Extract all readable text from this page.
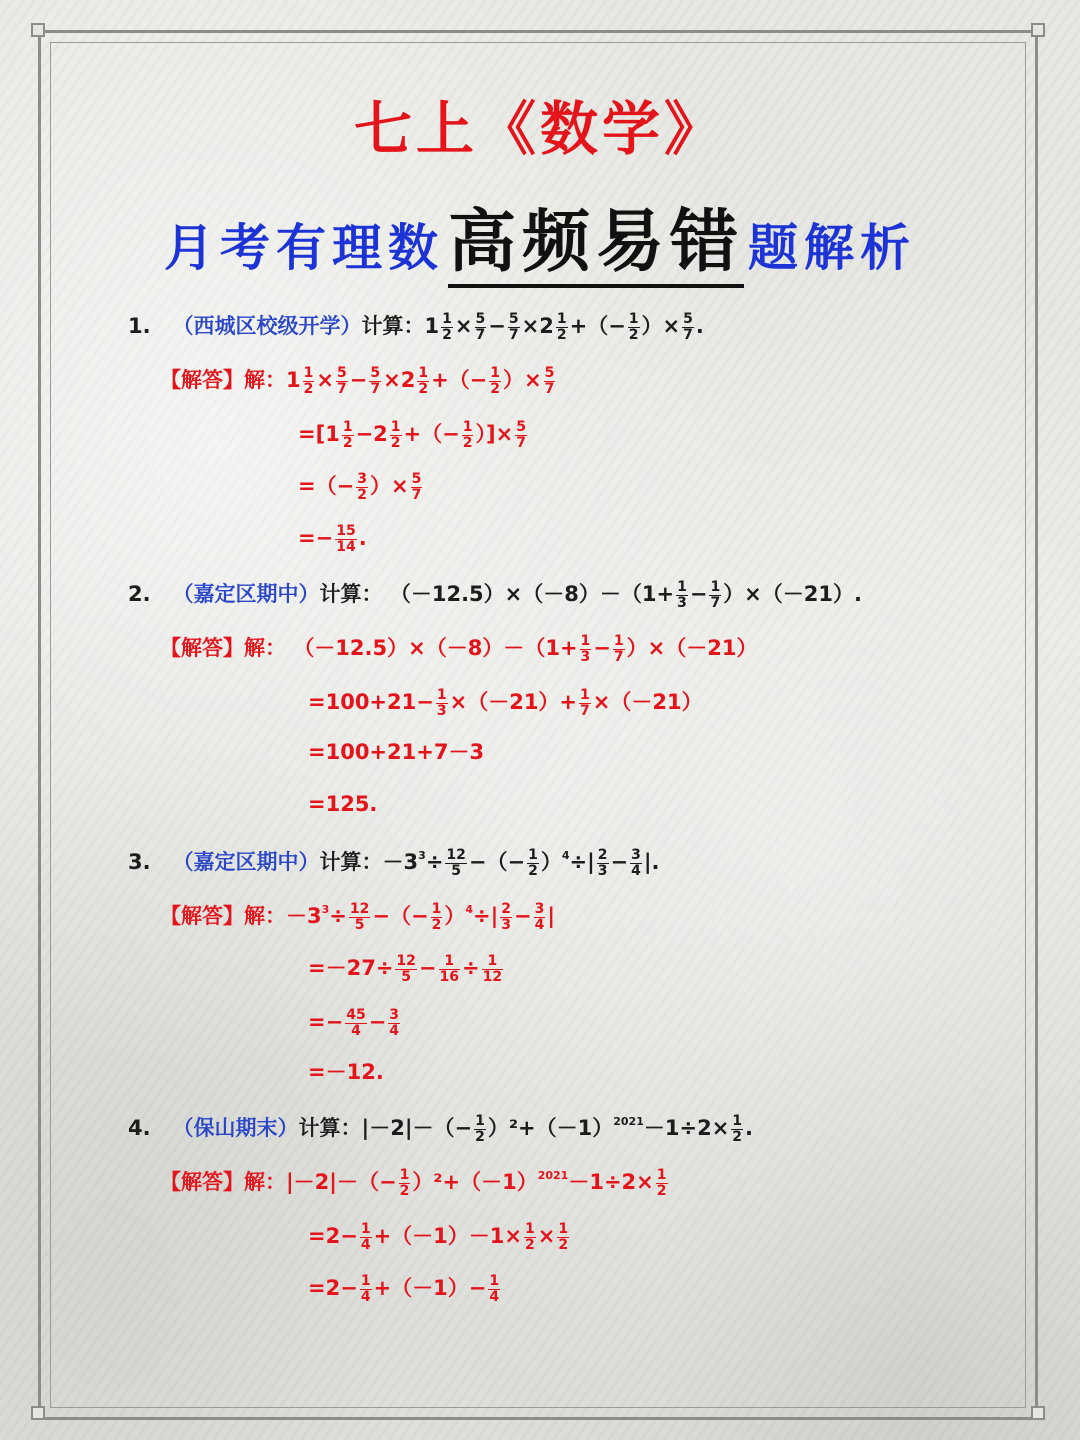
七上《数学》
月考有理数高频易错题解析
1. （西城区校级开学）计算：$1 \frac{1}{2} \times \frac{5}{7} - \frac{5}{7} \times 2 \frac{1}{2}$ +（− $\frac{1}{2}$ ）× $\frac{5}{7}$ .
【解答】解：$1 \frac{1}{2} \times \frac{5}{7} - \frac{5}{7} \times 2 \frac{1}{2}$ +（− $\frac{1}{2}$ ）× $\frac{5}{7}$
$=[1 \frac{1}{2} -2 \frac{1}{2}$ +（− $\frac{1}{2}$ ）]× $\frac{5}{7}$
=（− $\frac{3}{2}$ ）× $\frac{5}{7}$
=− $\frac{15}{14}$ .
2. （嘉定区期中）计算： $(-12.5)\times(-8)-(1+ \frac{1}{3} - \frac{1}{7} )\times(-21)$.
【解答】解： $(-12.5)\times(-8)-(1+ \frac{1}{3} - \frac{1}{7} )\times(-21)$
$=100+21- \frac{1}{3} \times(-21)+ \frac{1}{7} \times(-21)$
=100+21+7－3
=125.
3. （嘉定区期中）计算：$-3^3\div \frac{12}{5}$ −（− $\frac{1}{2} )^4\div| \frac{2}{3} - \frac{3}{4}$ |.
【解答】解：$-3^3\div \frac{12}{5}$ −（− $\frac{1}{2} )^4\div| \frac{2}{3} - \frac{3}{4}$ |
$=-27\div \frac{12}{5} - \frac{1}{16} \div \frac{1}{12}$
=− $\frac{45}{4} - \frac{3}{4}$
=－12.
4. （保山期末）计算：$|-2|-(- \frac{1}{2} )^2+(-1)^{2021}-1\div 2\times \frac{1}{2}$ .
【解答】解：$|-2|-(- \frac{1}{2} )^2+(-1)^{2021}-1\div 2\times \frac{1}{2}$
$=2- \frac{1}{4} +(-1)-1\times \frac{1}{2} \times \frac{1}{2}$
$=2- \frac{1}{4} +(-1)- \frac{1}{4}$
